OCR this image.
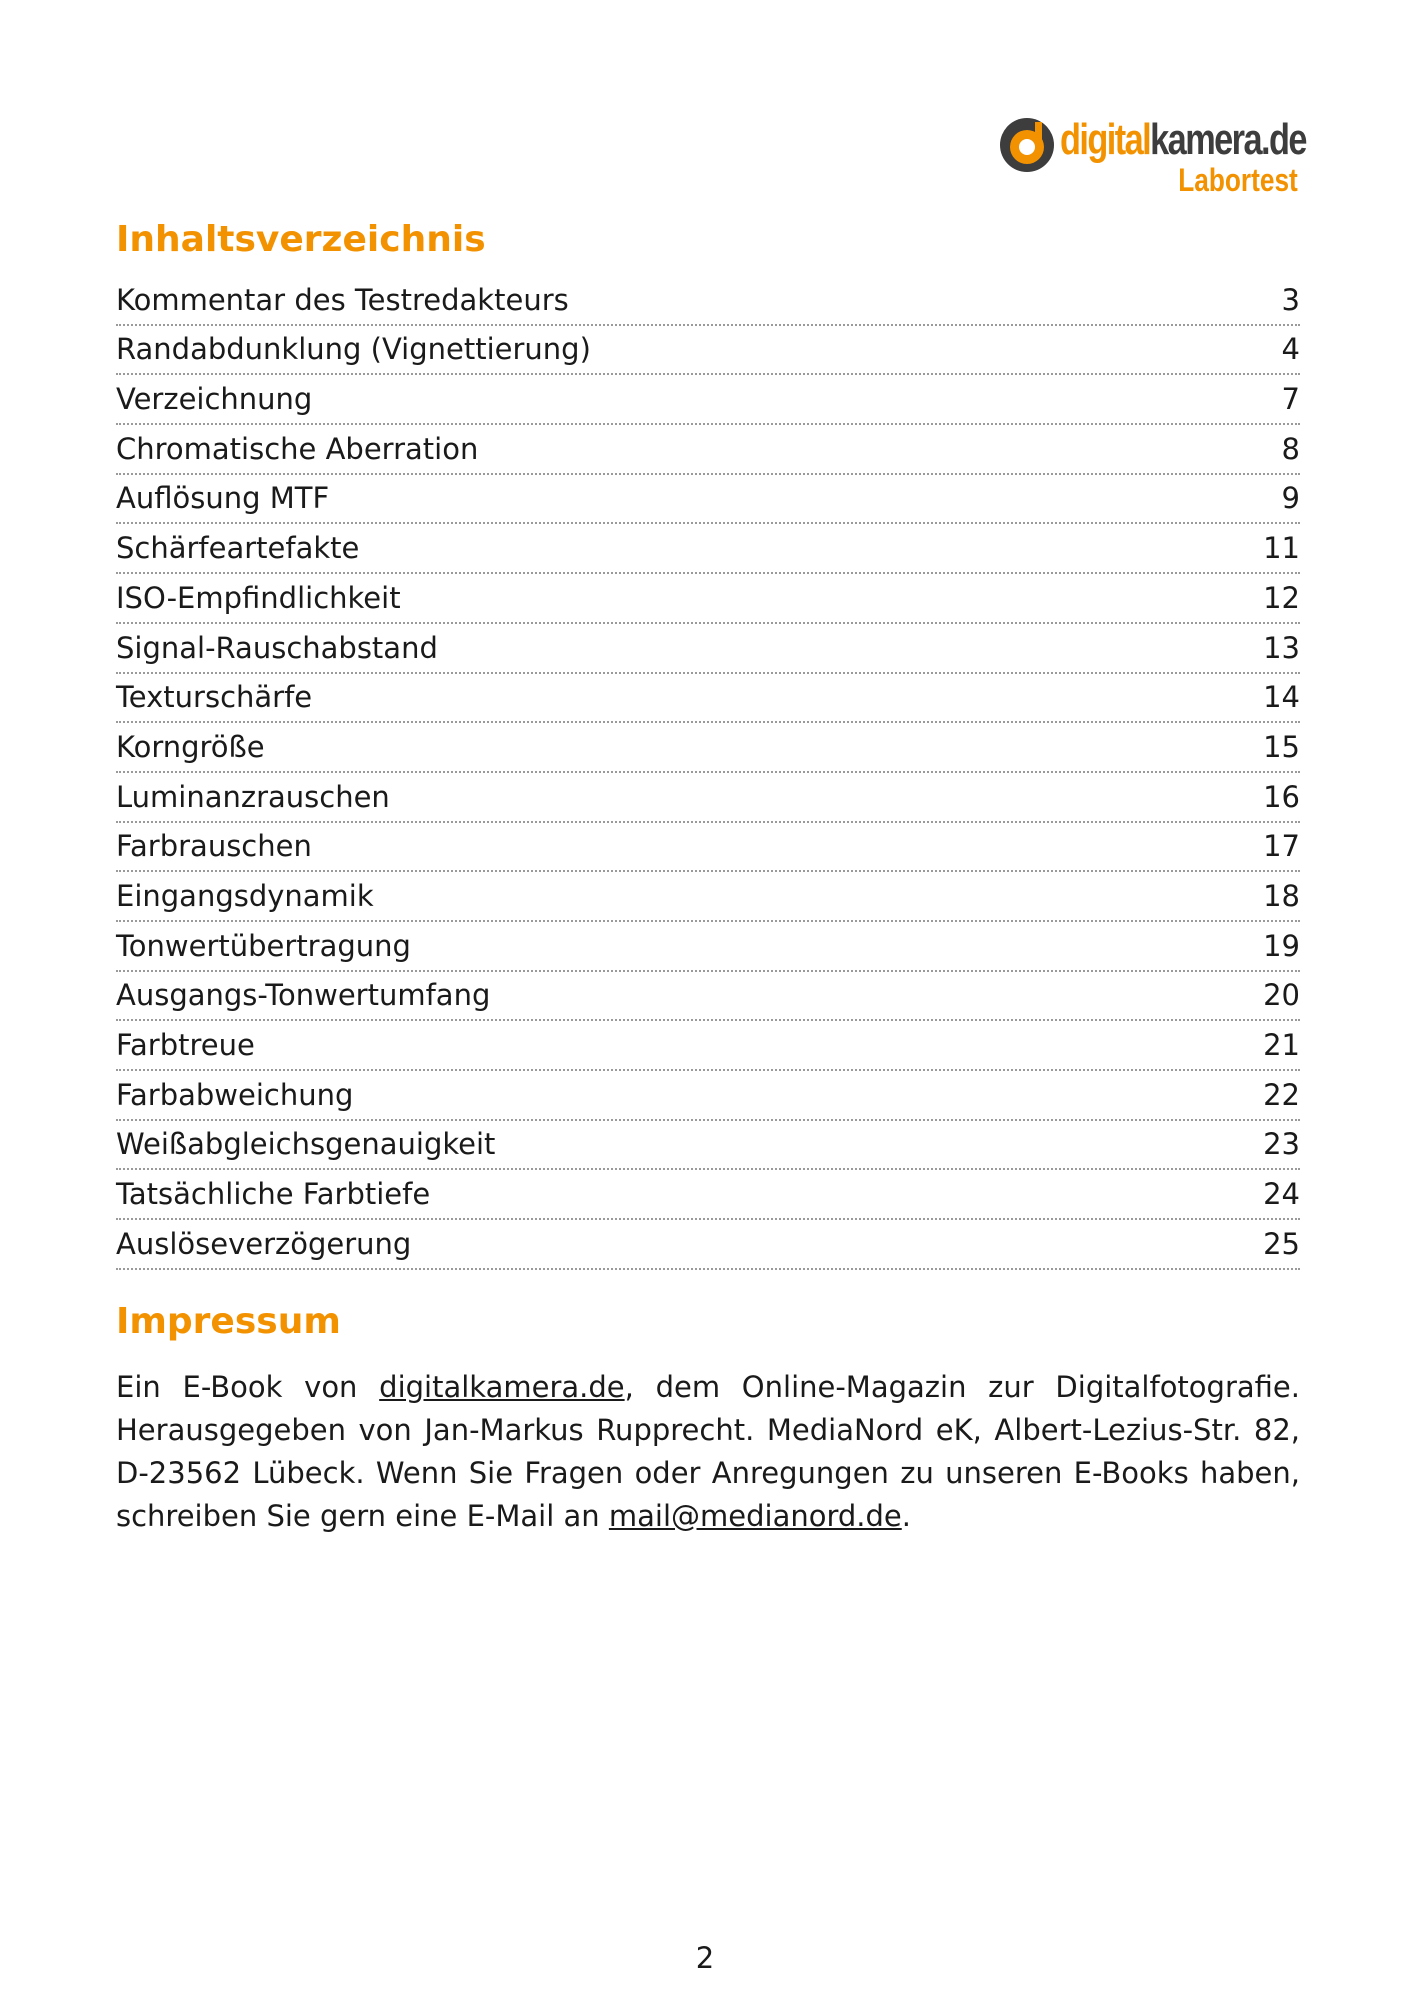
digitalkamera.de
Labortest
Inhaltsverzeichnis
Kommentar des Testredakteurs	3
Randabdunklung (Vignettierung)	4
Verzeichnung	7
Chromatische Aberration	8
Auflösung MTF	9
Schärfeartefakte	11
ISO-Empfindlichkeit	12
Signal-Rauschabstand	13
Texturschärfe	14
Korngröße	15
Luminanzrauschen	16
Farbrauschen	17
Eingangsdynamik	18
Tonwertübertragung	19
Ausgangs-Tonwertumfang	20
Farbtreue	21
Farbabweichung	22
Weißabgleichsgenauigkeit	23
Tatsächliche Farbtiefe	24
Auslöseverzögerung	25
Impressum

Ein E-Book von digitalkamera.de, dem Online-Magazin zur Digitalfotografie. Herausgegeben von Jan-Markus Rupprecht. MediaNord eK, Albert-Lezius-Str. 82, D-23562 Lübeck. Wenn Sie Fragen oder Anregungen zu unseren E-Books haben, schreiben Sie gern eine E-Mail an mail@medianord.de.

2
